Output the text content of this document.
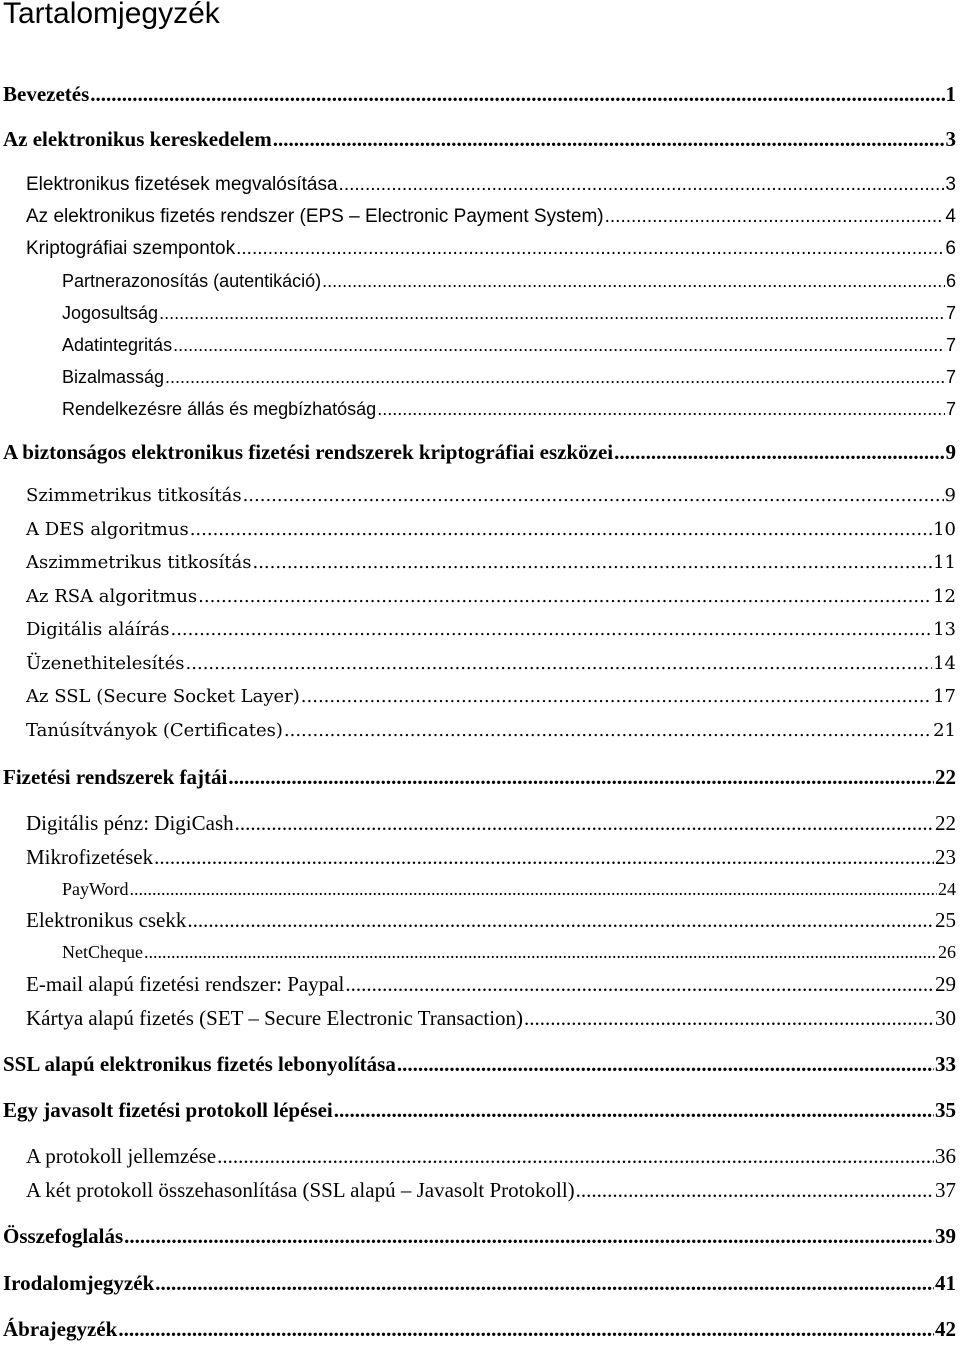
Tartalomjegyzék
Bevezetés .....	1
Az elektronikus kereskedelem .....	3
Elektronikus fizetések megvalósítása .....	3
Az elektronikus fizetés rendszer (EPS – Electronic Payment System) .....	4
Kriptográfiai szempontok .....	6
Partnerazonosítás (autentikáció) .....	6
Jogosultság .....	7
Adatintegritás .....	7
Bizalmasság .....	7
Rendelkezésre állás és megbízhatóság .....	7
A biztonságos elektronikus fizetési rendszerek kriptográfiai eszközei .....	9
Szimmetrikus titkosítás .....	9
A DES algoritmus .....	10
Aszimmetrikus titkosítás .....	11
Az RSA algoritmus .....	12
Digitális aláírás .....	13
Üzenethitelesítés .....	14
Az SSL (Secure Socket Layer) .....	17
Tanúsítványok (Certificates) .....	21
Fizetési rendszerek fajtái .....	22
Digitális pénz: DigiCash .....	22
Mikrofizetések .....	23
PayWord .....	24
Elektronikus csekk .....	25
NetCheque .....	26
E-mail alapú fizetési rendszer: Paypal .....	29
Kártya alapú fizetés (SET – Secure Electronic Transaction) .....	30
SSL alapú elektronikus fizetés lebonyolítása .....	33
Egy javasolt fizetési protokoll lépései .....	35
A protokoll jellemzése .....	36
A két protokoll összehasonlítása (SSL alapú – Javasolt Protokoll) .....	37
Összefoglalás .....	39
Irodalomjegyzék .....	41
Ábrajegyzék .....	42
